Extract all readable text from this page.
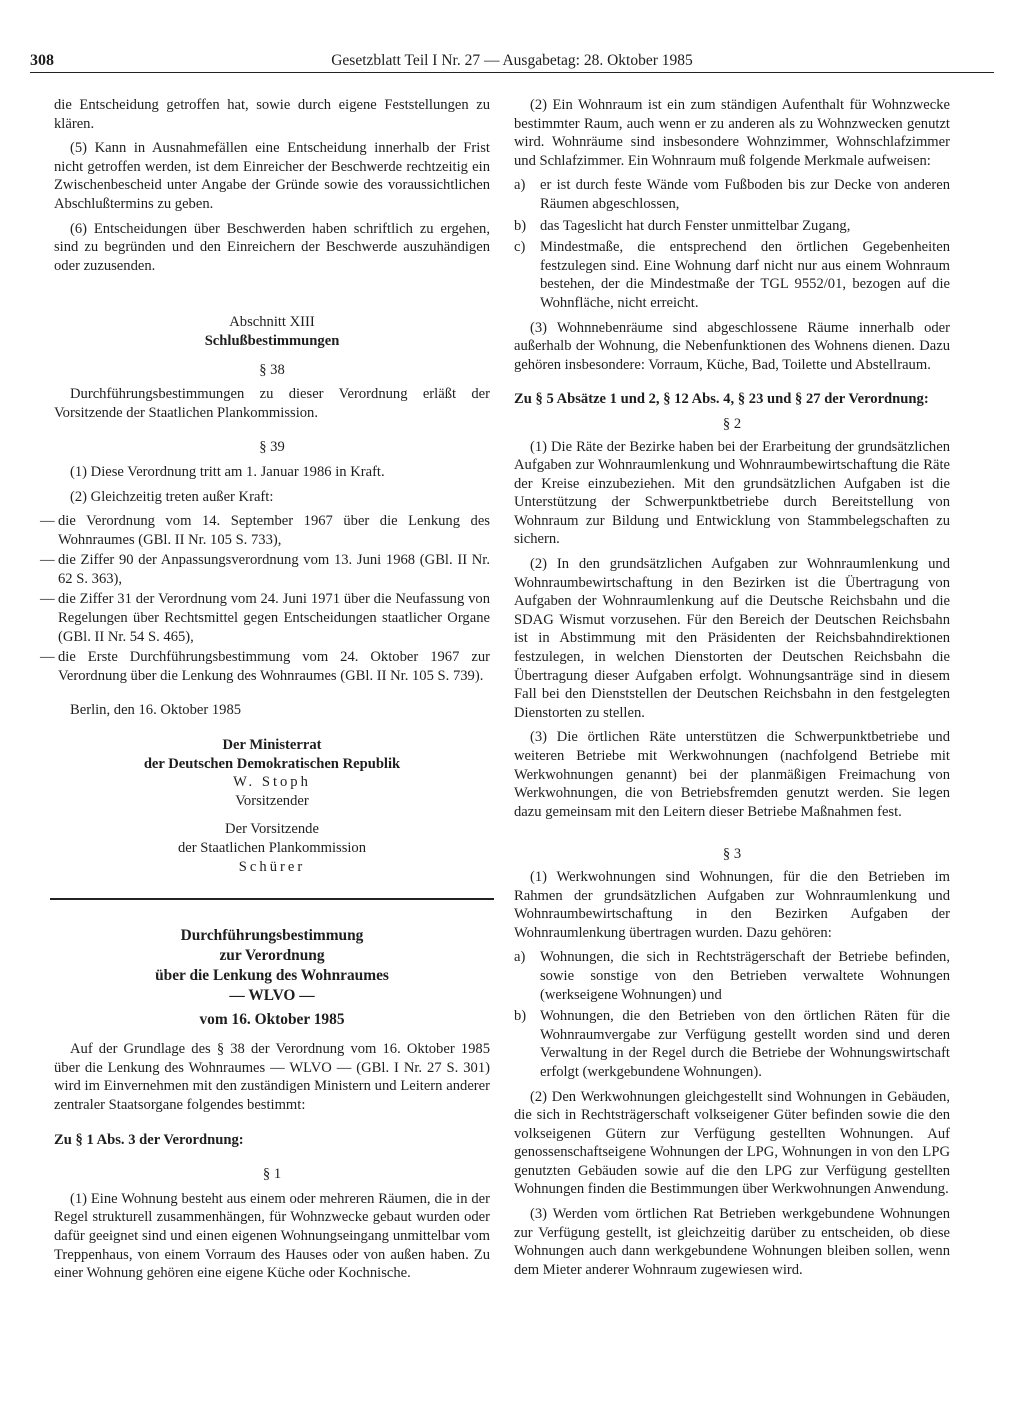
308	Gesetzblatt Teil I Nr. 27 — Ausgabetag: 28. Oktober 1985

die Entscheidung getroffen hat, sowie durch eigene Feststellungen zu klären.

(5) Kann in Ausnahmefällen eine Entscheidung innerhalb der Frist nicht getroffen werden, ist dem Einreicher der Beschwerde rechtzeitig ein Zwischenbescheid unter Angabe der Gründe sowie des voraussichtlichen Abschlußtermins zu geben.

(6) Entscheidungen über Beschwerden haben schriftlich zu ergehen, sind zu begründen und den Einreichern der Beschwerde auszuhändigen oder zuzusenden.

Abschnitt XIII

Schlußbestimmungen

§ 38

Durchführungsbestimmungen zu dieser Verordnung erläßt der Vorsitzende der Staatlichen Plankommission.

§ 39

(1) Diese Verordnung tritt am 1. Januar 1986 in Kraft.

(2) Gleichzeitig treten außer Kraft:

— die Verordnung vom 14. September 1967 über die Lenkung des Wohnraumes (GBl. II Nr. 105 S. 733),
— die Ziffer 90 der Anpassungsverordnung vom 13. Juni 1968 (GBl. II Nr. 62 S. 363),
— die Ziffer 31 der Verordnung vom 24. Juni 1971 über die Neufassung von Regelungen über Rechtsmittel gegen Entscheidungen staatlicher Organe (GBl. II Nr. 54 S. 465),
— die Erste Durchführungsbestimmung vom 24. Oktober 1967 zur Verordnung über die Lenkung des Wohnraumes (GBl. II Nr. 105 S. 739).

Berlin, den 16. Oktober 1985

Der Ministerrat

der Deutschen Demokratischen Republik

W. Stoph

Vorsitzender

Der Vorsitzende

der Staatlichen Plankommission

Schürer

Durchführungsbestimmung

zur Verordnung

über die Lenkung des Wohnraumes

— WLVO —

vom 16. Oktober 1985

Auf der Grundlage des § 38 der Verordnung vom 16. Oktober 1985 über die Lenkung des Wohnraumes — WLVO — (GBl. I Nr. 27 S. 301) wird im Einvernehmen mit den zuständigen Ministern und Leitern anderer zentraler Staatsorgane folgendes bestimmt:

Zu § 1 Abs. 3 der Verordnung:

§ 1

(1) Eine Wohnung besteht aus einem oder mehreren Räumen, die in der Regel strukturell zusammenhängen, für Wohnzwecke gebaut wurden oder dafür geeignet sind und einen eigenen Wohnungseingang unmittelbar vom Treppenhaus, von einem Vorraum des Hauses oder von außen haben. Zu einer Wohnung gehören eine eigene Küche oder Kochnische.

(2) Ein Wohnraum ist ein zum ständigen Aufenthalt für Wohnzwecke bestimmter Raum, auch wenn er zu anderen als zu Wohnzwecken genutzt wird. Wohnräume sind insbesondere Wohnzimmer, Wohnschlafzimmer und Schlafzimmer. Ein Wohnraum muß folgende Merkmale aufweisen:

a) er ist durch feste Wände vom Fußboden bis zur Decke von anderen Räumen abgeschlossen,
b) das Tageslicht hat durch Fenster unmittelbar Zugang,
c) Mindestmaße, die entsprechend den örtlichen Gegebenheiten festzulegen sind. Eine Wohnung darf nicht nur aus einem Wohnraum bestehen, der die Mindestmaße der TGL 9552/01, bezogen auf die Wohnfläche, nicht erreicht.

(3) Wohnnebenräume sind abgeschlossene Räume innerhalb oder außerhalb der Wohnung, die Nebenfunktionen des Wohnens dienen. Dazu gehören insbesondere: Vorraum, Küche, Bad, Toilette und Abstellraum.

Zu § 5 Absätze 1 und 2, § 12 Abs. 4, § 23 und § 27 der Verordnung:

§ 2

(1) Die Räte der Bezirke haben bei der Erarbeitung der grundsätzlichen Aufgaben zur Wohnraumlenkung und Wohnraumbewirtschaftung die Räte der Kreise einzubeziehen. Mit den grundsätzlichen Aufgaben ist die Unterstützung der Schwerpunktbetriebe durch Bereitstellung von Wohnraum zur Bildung und Entwicklung von Stammbelegschaften zu sichern.

(2) In den grundsätzlichen Aufgaben zur Wohnraumlenkung und Wohnraumbewirtschaftung in den Bezirken ist die Übertragung von Aufgaben der Wohnraumlenkung auf die Deutsche Reichsbahn und die SDAG Wismut vorzusehen. Für den Bereich der Deutschen Reichsbahn ist in Abstimmung mit den Präsidenten der Reichsbahndirektionen festzulegen, in welchen Dienstorten der Deutschen Reichsbahn die Übertragung dieser Aufgaben erfolgt. Wohnungsanträge sind in diesem Fall bei den Dienststellen der Deutschen Reichsbahn in den festgelegten Dienstorten zu stellen.

(3) Die örtlichen Räte unterstützen die Schwerpunktbetriebe und weiteren Betriebe mit Werkwohnungen (nachfolgend Betriebe mit Werkwohnungen genannt) bei der planmäßigen Freimachung von Werkwohnungen, die von Betriebsfremden genutzt werden. Sie legen dazu gemeinsam mit den Leitern dieser Betriebe Maßnahmen fest.

§ 3

(1) Werkwohnungen sind Wohnungen, für die den Betrieben im Rahmen der grundsätzlichen Aufgaben zur Wohnraumlenkung und Wohnraumbewirtschaftung in den Bezirken Aufgaben der Wohnraumlenkung übertragen wurden. Dazu gehören:

a) Wohnungen, die sich in Rechtsträgerschaft der Betriebe befinden, sowie sonstige von den Betrieben verwaltete Wohnungen (werkseigene Wohnungen) und
b) Wohnungen, die den Betrieben von den örtlichen Räten für die Wohnraumvergabe zur Verfügung gestellt worden sind und deren Verwaltung in der Regel durch die Betriebe der Wohnungswirtschaft erfolgt (werkgebundene Wohnungen).

(2) Den Werkwohnungen gleichgestellt sind Wohnungen in Gebäuden, die sich in Rechtsträgerschaft volkseigener Güter befinden sowie die den volkseigenen Gütern zur Verfügung gestellten Wohnungen. Auf genossenschaftseigene Wohnungen der LPG, Wohnungen in von den LPG genutzten Gebäuden sowie auf die den LPG zur Verfügung gestellten Wohnungen finden die Bestimmungen über Werkwohnungen Anwendung.

(3) Werden vom örtlichen Rat Betrieben werkgebundene Wohnungen zur Verfügung gestellt, ist gleichzeitig darüber zu entscheiden, ob diese Wohnungen auch dann werkgebundene Wohnungen bleiben sollen, wenn dem Mieter anderer Wohnraum zugewiesen wird.
